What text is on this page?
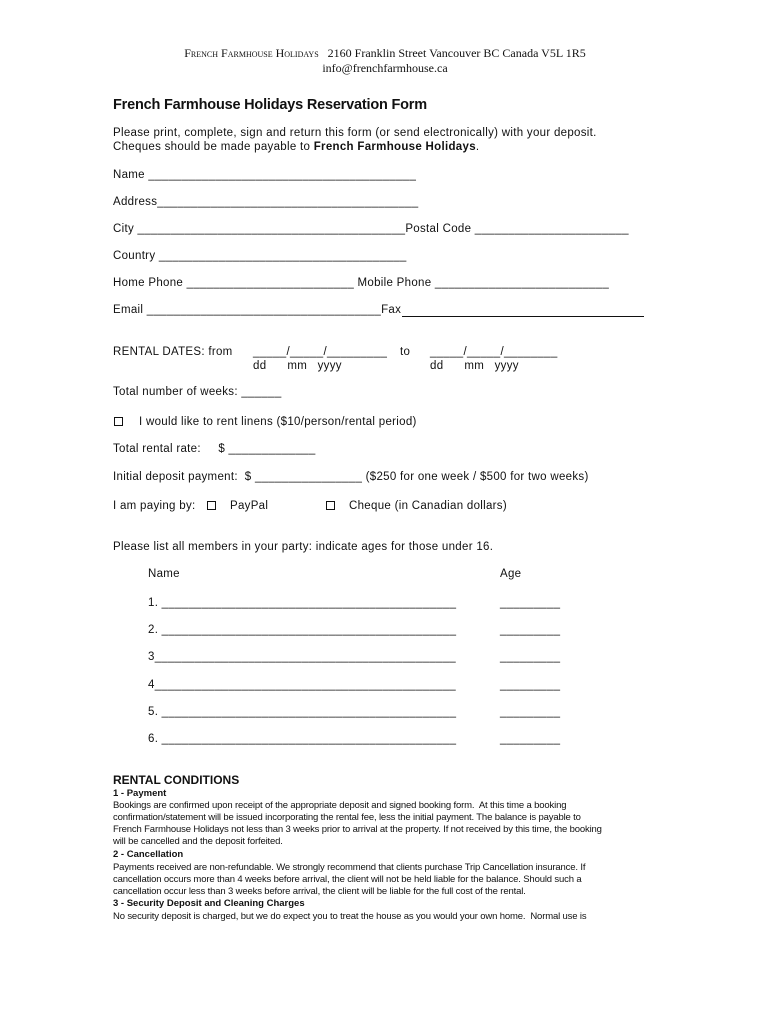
French Farmhouse Holidays 2160 Franklin Street Vancouver BC Canada V5L 1R5
info@frenchfarmhouse.ca
French Farmhouse Holidays Reservation Form
Please print, complete, sign and return this form (or send electronically) with your deposit.
Cheques should be made payable to French Farmhouse Holidays.
Name ________________________________________
Address_______________________________________
City ________________________________________Postal Code _______________________
Country _____________________________________
Home Phone _________________________ Mobile Phone __________________________
Email ___________________________________Fax
RENTAL DATES: from _____/_____/_________ to _____/_____/________
dd      mm   yyyy	dd      mm   yyyy
Total number of weeks: ______
I would like to rent linens ($10/person/rental period)
Total rental rate:     $ _____________
Initial deposit payment:  $ ________________ ($250 for one week / $500 for two weeks)
I am paying by:	PayPal	Cheque (in Canadian dollars)
Please list all members in your party: indicate ages for those under 16.
Name	Age
1. ____________________________________________	_________
2. ____________________________________________	_________
3_____________________________________________	_________
4_____________________________________________	_________
5. ____________________________________________	_________
6. ____________________________________________	_________
RENTAL CONDITIONS
1 - Payment
Bookings are confirmed upon receipt of the appropriate deposit and signed booking form.  At this time a booking
confirmation/statement will be issued incorporating the rental fee, less the initial payment. The balance is payable to
French Farmhouse Holidays not less than 3 weeks prior to arrival at the property. If not received by this time, the booking
will be cancelled and the deposit forfeited.
2 - Cancellation
Payments received are non-refundable. We strongly recommend that clients purchase Trip Cancellation insurance. If
cancellation occurs more than 4 weeks before arrival, the client will not be held liable for the balance. Should such a
cancellation occur less than 3 weeks before arrival, the client will be liable for the full cost of the rental.
3 - Security Deposit and Cleaning Charges
No security deposit is charged, but we do expect you to treat the house as you would your own home.  Normal use is
